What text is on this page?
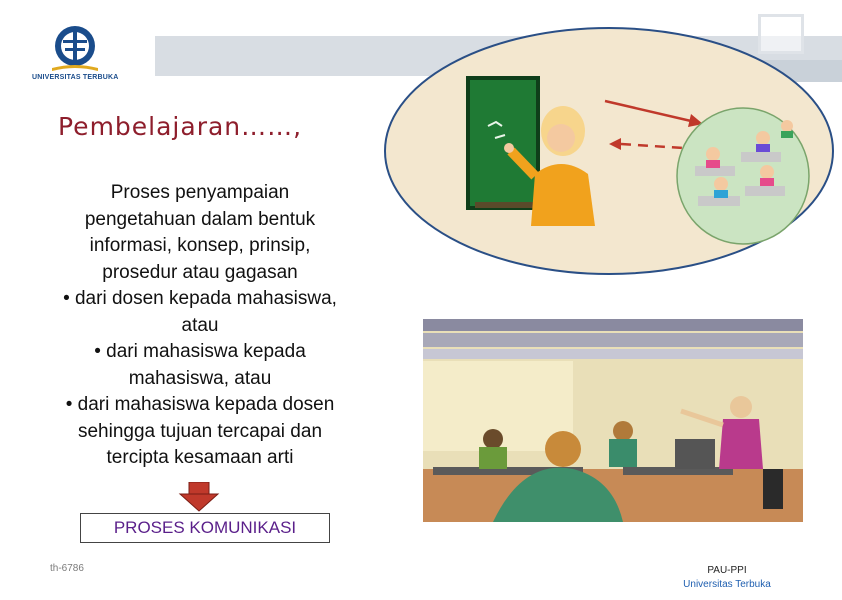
UNIVERSITAS TERBUKA
Pembelajaran……,
Proses penyampaian
pengetahuan dalam bentuk
informasi, konsep, prinsip,
prosedur atau gagasan
• dari dosen kepada mahasiswa,
atau
• dari mahasiswa kepada
mahasiswa, atau
• dari mahasiswa kepada dosen
sehingga tujuan tercapai dan
tercipta kesamaan arti
PROSES KOMUNIKASI
th-6786
menuju pembelajaran
profesional
PAU-PPI
Universitas Terbuka
